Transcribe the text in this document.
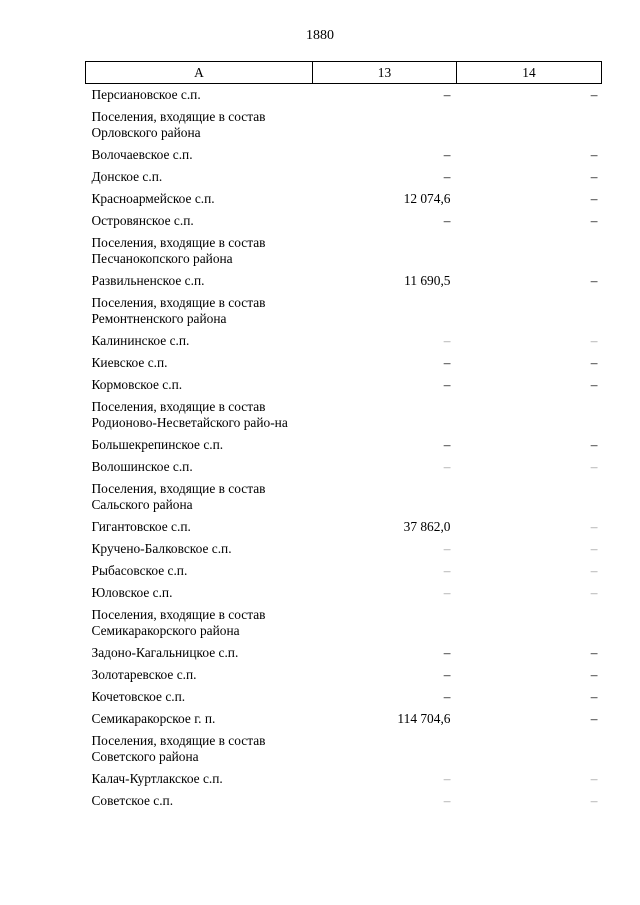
1880
А	13	14
Персиановское с.п.	–	–
Поселения, входящие в состав Орловского района		
Волочаевское с.п.	–	–
Донское с.п.	–	–
Красноармейское с.п.	12 074,6	–
Островянское с.п.	–	–
Поселения, входящие в состав Песчанокопского района		
Развильненское с.п.	11 690,5	–
Поселения, входящие в состав Ремонтненского района		
Калининское с.п.	–	–
Киевское с.п.	–	–
Кормовское с.п.	–	–
Поселения, входящие в состав Родионово-Несветайского райо-на		
Большекрепинское с.п.	–	–
Волошинское с.п.	–	–
Поселения, входящие в состав Сальского района		
Гигантовское с.п.	37 862,0	–
Кручено-Балковское с.п.	–	–
Рыбасовское с.п.	–	–
Юловское с.п.	–	–
Поселения, входящие в состав Семикаракорского района		
Задоно-Кагальницкое с.п.	–	–
Золотаревское с.п.	–	–
Кочетовское с.п.	–	–
Семикаракорское г. п.	114 704,6	–
Поселения, входящие в состав Советского района		
Калач-Куртлакское с.п.	–	–
Советское с.п.	–	–
